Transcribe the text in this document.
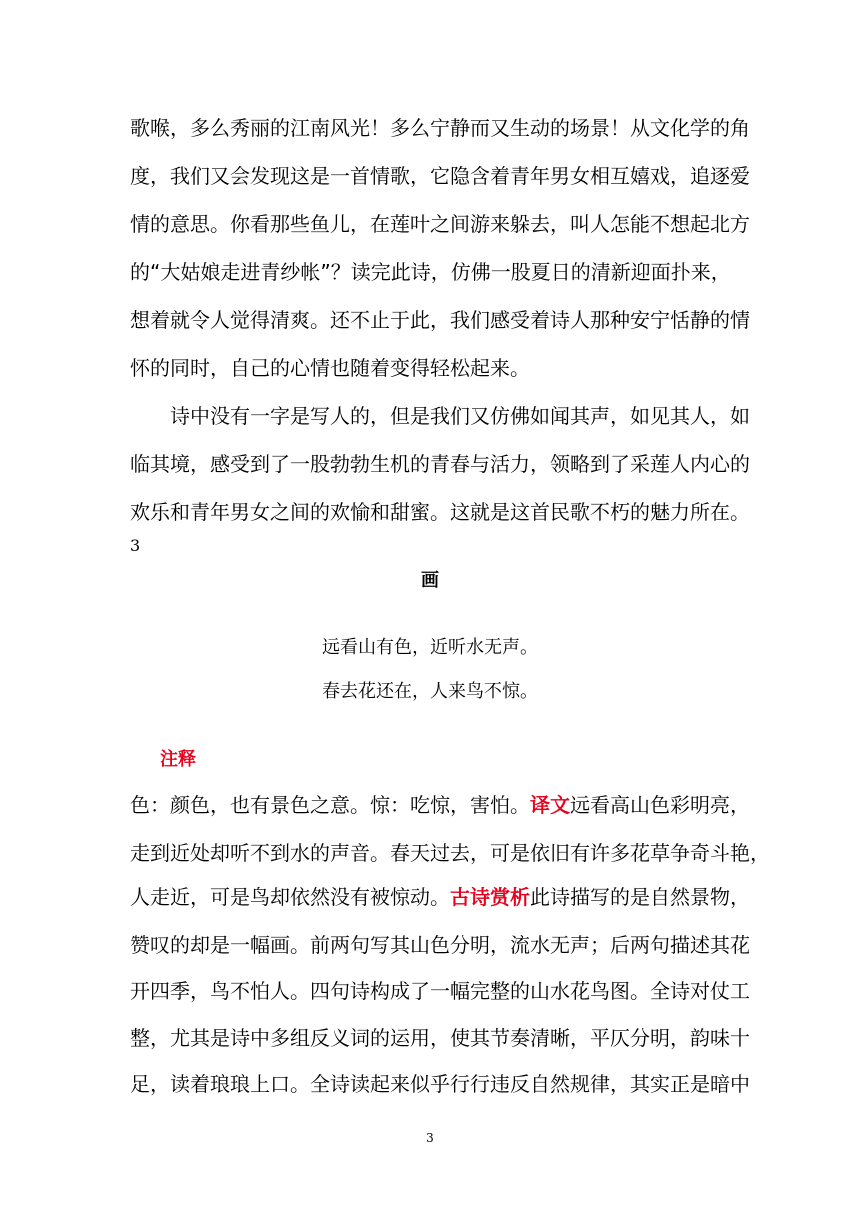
歌喉，多么秀丽的江南风光！多么宁静而又生动的场景！从文化学的角
度，我们又会发现这是一首情歌，它隐含着青年男女相互嬉戏，追逐爱
情的意思。你看那些鱼儿，在莲叶之间游来躲去，叫人怎能不想起北方
的“大姑娘走进青纱帐”？读完此诗，仿佛一股夏日的清新迎面扑来，
想着就令人觉得清爽。还不止于此，我们感受着诗人那种安宁恬静的情
怀的同时，自己的心情也随着变得轻松起来。
诗中没有一字是写人的，但是我们又仿佛如闻其声，如见其人，如
临其境，感受到了一股勃勃生机的青春与活力，领略到了采莲人内心的
欢乐和青年男女之间的欢愉和甜蜜。这就是这首民歌不朽的魅力所在。
3
画
远看山有色，近听水无声。
春去花还在，人来鸟不惊。
注释
色：颜色，也有景色之意。惊：吃惊，害怕。译文远看高山色彩明亮，
走到近处却听不到水的声音。春天过去，可是依旧有许多花草争奇斗艳，
人走近，可是鸟却依然没有被惊动。古诗赏析此诗描写的是自然景物，
赞叹的却是一幅画。前两句写其山色分明，流水无声；后两句描述其花
开四季，鸟不怕人。四句诗构成了一幅完整的山水花鸟图。全诗对仗工
整，尤其是诗中多组反义词的运用，使其节奏清晰，平仄分明，韵味十
足，读着琅琅上口。全诗读起来似乎行行违反自然规律，其实正是暗中
3
